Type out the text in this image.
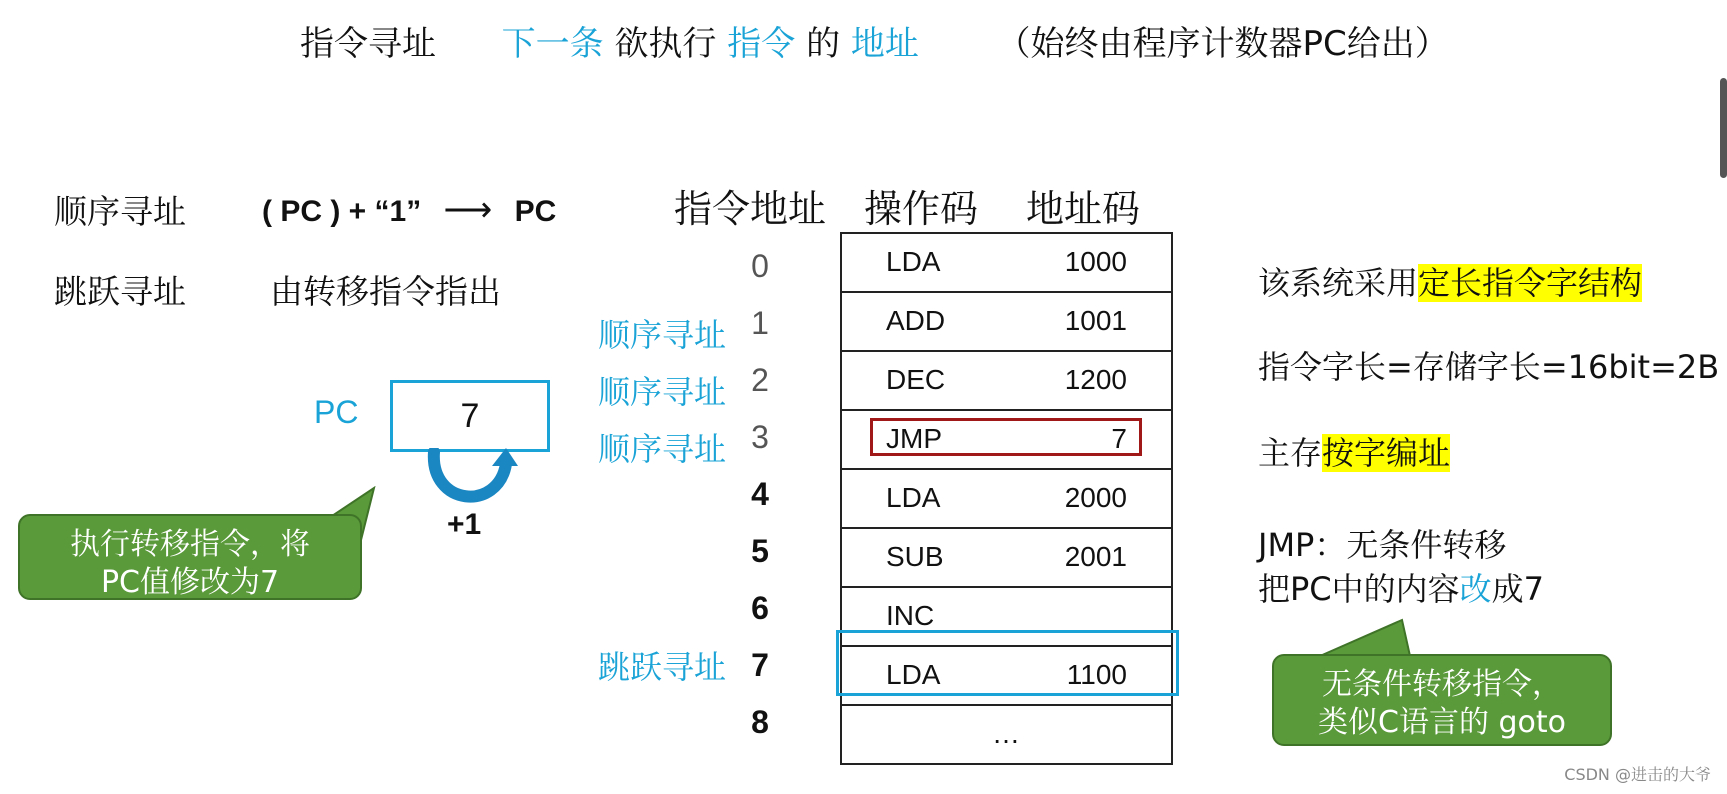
指令寻址 下一条 欲执行 指令 的 地址 （始终由程序计数器PC给出）
顺序寻址	( PC ) + “1” ⟶ PC
跳跃寻址	由转移指令指出
PC	7
+1
执行转移指令，将
PC值修改为7
指令地址 操作码 地址码
顺序寻址
顺序寻址
顺序寻址
跳跃寻址
0
1
2
3
4
5
6
7
8
LDA	1000
ADD	1001
DEC	1200
JMP	7
LDA	2000
SUB	2001
INC
LDA	1100
…
该系统采用定长指令字结构
指令字长=存储字长=16bit=2B
主存按字编址
JMP：无条件转移
把PC中的内容改成7
无条件转移指令，
类似C语言的 goto
CSDN @进击的大爷
